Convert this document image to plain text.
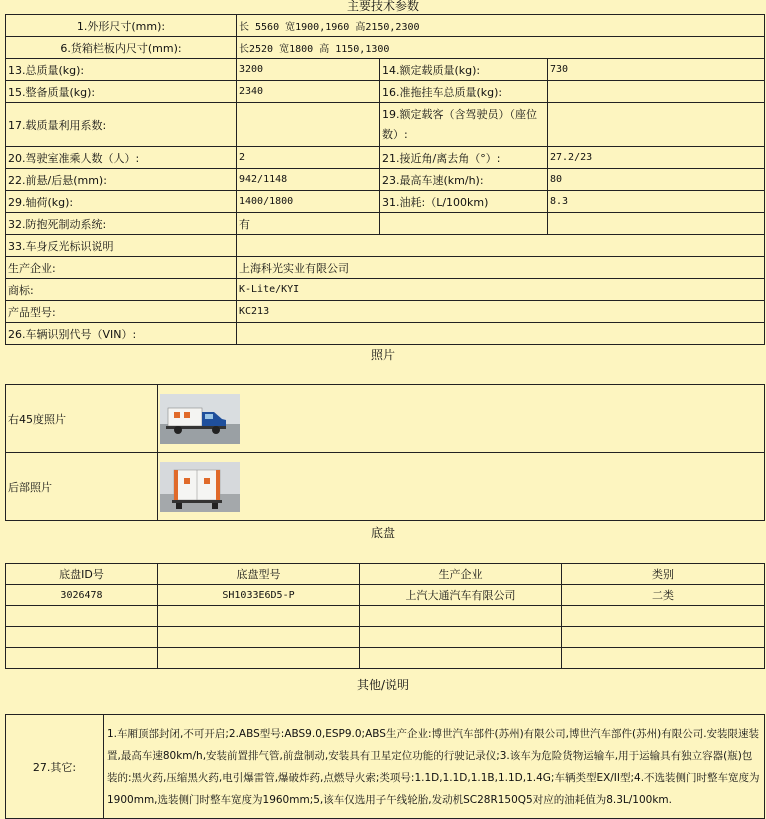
主要技术参数
1.外形尺寸(mm):	长 5560 宽1900,1960 高2150,2300		
6.货箱栏板内尺寸(mm):	长2520 宽1800 高 1150,1300		
13.总质量(kg):	3200	14.额定载质量(kg):	730
15.整备质量(kg):	2340	16.准拖挂车总质量(kg):	
17.载质量利用系数:		19.额定载客（含驾驶员）（座位数）:	
20.驾驶室准乘人数（人）:	2	21.接近角/离去角（°）:	27.2/23
22.前悬/后悬(mm):	942/1148	23.最高车速(km/h):	80
29.轴荷(kg):	1400/1800	31.油耗:（L/100km)	8.3
32.防抱死制动系统:	有		
33.车身反光标识说明			
生产企业:	上海科光实业有限公司		
商标:	K-Lite/KYI		
产品型号:	KC213		
26.车辆识别代号（VIN）:			
照片
右45度照片	

后部照片	
底盘
底盘ID号	底盘型号	生产企业	类别
3026478	SH1033E6D5-P	上汽大通汽车有限公司	二类

其他/说明
27.其它:	1.车厢顶部封闭,不可开启;2.ABS型号:ABS9.0,ESP9.0;ABS生产企业:博世汽车部件(苏州)有限公司,博世汽车部件(苏州)有限公司.安装限速装置,最高车速80km/h,安装前置排气管,前盘制动,安装具有卫星定位功能的行驶记录仪;3.该车为危险货物运输车,用于运输具有独立容器(瓶)包装的:黑火药,压缩黑火药,电引爆雷管,爆破炸药,点燃导火索;类项号:1.1D,1.1D,1.1B,1.1D,1.4G;车辆类型EX/II型;4.不选装侧门时整车宽度为1900mm,选装侧门时整车宽度为1960mm;5,该车仅选用子午线轮胎,发动机SC28R150Q5对应的油耗值为8.3L/100km.
